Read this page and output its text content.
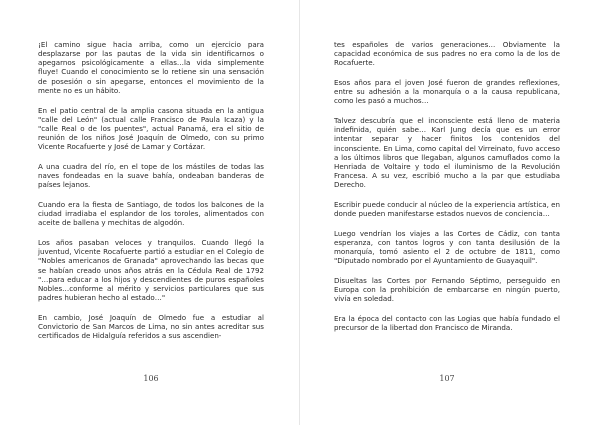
¡El camino sigue hacia arriba, como un ejercicio para desplazarse por las pautas de la vida sin identificarnos o apegarnos psicológicamente a ellas…la vida simplemente fluye! Cuando el conocimiento se lo retiene sin una sensación de posesión o sin apegarse, entonces el movimiento de la mente no es un hábito.

En el patio central de la amplia casona situada en la antigua "calle del León" (actual calle Francisco de Paula Icaza) y la "calle Real o de los puentes", actual Panamá, era el sitio de reunión de los niños José Joaquín de Olmedo, con su primo Vicente Rocafuerte y José de Lamar y Cortázar.

A una cuadra del río, en el tope de los mástiles de todas las naves fondeadas en la suave bahía, ondeaban banderas de países lejanos.

Cuando era la fiesta de Santiago, de todos los balcones de la ciudad irradiaba el esplandor de los toroles, alimentados con aceite de ballena y mechitas de algodón.

Los años pasaban veloces y tranquilos. Cuando llegó la juventud, Vicente Rocafuerte partió a estudiar en el Colegio de "Nobles americanos de Granada" aprovechando las becas que se habían creado unos años atrás en la Cédula Real de 1792 "…para educar a los hijos y descendientes de puros españoles Nobles…conforme al mérito y servicios particulares que sus padres hubieran hecho al estado…"

En cambio, José Joaquín de Olmedo fue a estudiar al Convictorio de San Marcos de Lima, no sin antes acreditar sus certificados de Hidalguía referidos a sus ascendien-

106

tes españoles de varios generaciones… Obviamente la capacidad económica de sus padres no era como la de los de Rocafuerte.

Esos años para el joven José fueron de grandes reflexiones, entre su adhesión a la monarquía o a la causa republicana, como les pasó a muchos…

Talvez descubría que el inconsciente está lleno de materia indefinida, quién sabe… Karl Jung decía que es un error intentar separar y hacer finitos los contenidos del inconsciente. En Lima, como capital del Virreinato, fuvo acceso a los últimos libros que llegaban, algunos camuflados como la Henriada de Voltaire y todo el iluminismo de la Revolución Francesa. A su vez, escribió mucho a la par que estudiaba Derecho.

Escribir puede conducir al núcleo de la experiencia artística, en donde pueden manifestarse estados nuevos de conciencia…

Luego vendrían los viajes a las Cortes de Cádiz, con tanta esperanza, con tantos logros y con tanta desilusión de la monarquía, tomó asiento el 2 de octubre de 1811, como "Diputado nombrado por el Ayuntamiento de Guayaquil".

Disueltas las Cortes por Fernando Séptimo, perseguido en Europa con la prohibición de embarcarse en ningún puerto, vivía en soledad.

Era la época del contacto con las Logias que había fundado el precursor de la libertad don Francisco de Miranda.

107
